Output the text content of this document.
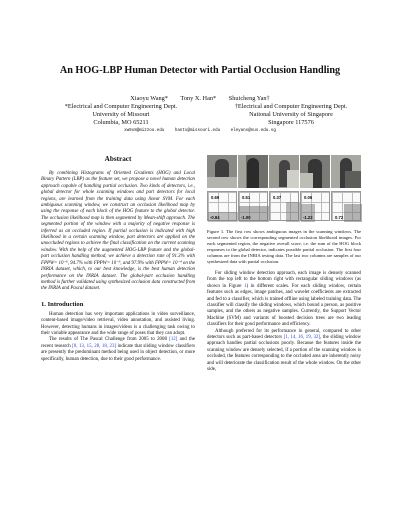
An HOG-LBP Human Detector with Partial Occlusion Handling
Xiaoyu Wang*        Tony X. Han*        Shuicheng Yan†
*Electrical and Computer Engineering Dept.
University of Missouri
Columbia, MO 65211
†Electrical and Computer Engineering Dept.
National University of Singapore
Singapore 117576
xw9x8@mizzou.edu hantx@missouri.edu eleyans@nus.edu.sg
Abstract

By combining Histograms of Oriented Gradients (HOG) and Local Binary Pattern (LBP) as the feature set, we propose a novel human detection approach capable of handling partial occlusion. Two kinds of detectors, i.e., global detector for whole scanning windows and part detectors for local regions, are learned from the training data using linear SVM. For each ambiguous scanning window, we construct an occlusion likelihood map by using the response of each block of the HOG feature to the global detector. The occlusion likelihood map is then segmented by Mean-shift approach. The segmented portion of the window with a majority of negative response is inferred as an occluded region. If partial occlusion is indicated with high likelihood in a certain scanning window, part detectors are applied on the unoccluded regions to achieve the final classification on the current scanning window. With the help of the augmented HOG-LBP feature and the global-part occlusion handling method, we achieve a detection rate of 91.3% with FPPW= 10⁻⁶, 94.7% with FPPW= 10⁻⁵, and 97.9% with FPPW= 10⁻⁴ on the INRIA dataset, which, to our best knowledge, is the best human detection performance on the INRIA dataset. The global-part occlusion handling method is further validated using synthesized occlusion data constructed from the INRIA and Pascal dataset.

1. Introduction

Human detection has very important applications in video surveillance, content-based image/video retrieval, video annotation, and assisted living. However, detecting humans in images/videos is a challenging task owing to their variable appearance and the wide range of poses that they can adopt.

The results of The Pascal Challenge from 2005 to 2008 [12] and the recent research [8, 13, 15, 28, 18, 23] indicate that sliding window classifiers are presently the predominant method being used in object detection, or more specifically, human detection, due to their good performance.

0.69	0.51	0.37	0.06
-0.84	-1.00	-1.22	0.72

Figure 1. The first row shows ambiguous images in the scanning windows. The second row shows the corresponding segmented occlusion likelihood images. For each segmented region, the negative overall score, i.e. the sum of the HOG block responses to the global detector, indicates possible partial occlusion. The first four columns are from the INRIA testing data. The last two columns are samples of our synthesized data with partial occlusion.

For sliding window detection approach, each image is densely scanned from the top left to the bottom right with rectangular sliding windows (as shown in Figure 1) in different scales. For each sliding window, certain features such as edges, image patches, and wavelet coefficients are extracted and fed to a classifier, which is trained offline using labeled training data. The classifier will classify the sliding windows, which bound a person, as positive samples, and the others as negative samples. Currently, the Support Vector Machine (SVM) and variants of boosted decision trees are two leading classifiers for their good performance and efficiency.

Although preferred for its performance in general, compared to other detectors such as part-based detectors [1, 14, 16, 19, 32], the sliding window approach handles partial occlusions poorly. Because the features inside the scanning window are densely selected, if a portion of the scanning window is occluded, the features corresponding to the occluded area are inherently noisy and will deteriorate the classification result of the whole window. On the other side,
